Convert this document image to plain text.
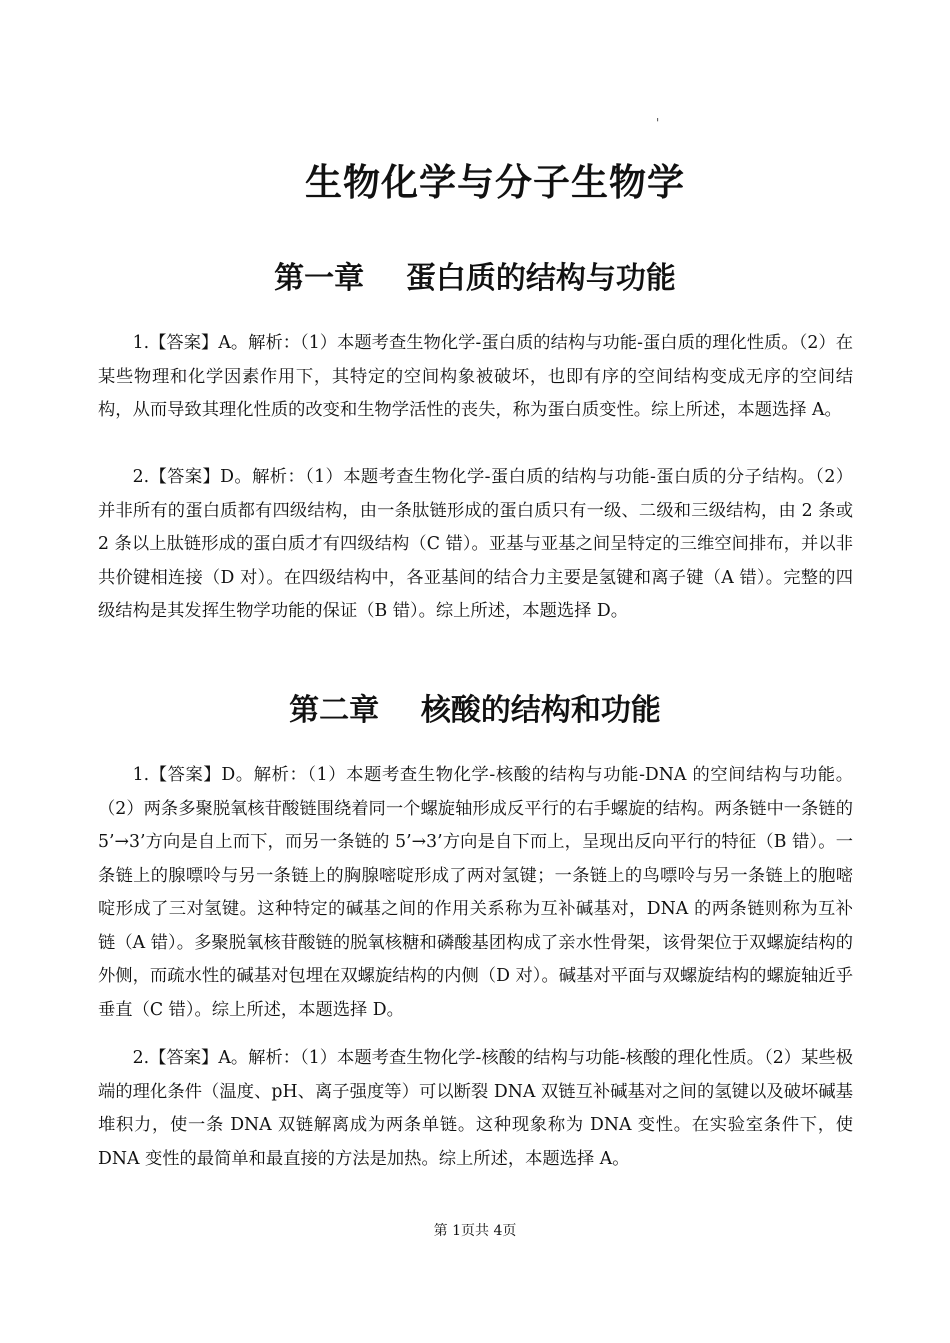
'
生物化学与分子生物学
第一章    蛋白质的结构与功能

1.【答案】A。解析：（1）本题考查生物化学-蛋白质的结构与功能-蛋白质的理化性质。（2）在某些物理和化学因素作用下，其特定的空间构象被破坏，也即有序的空间结构变成无序的空间结构，从而导致其理化性质的改变和生物学活性的丧失，称为蛋白质变性。综上所述，本题选择 A。

2.【答案】D。解析：（1）本题考查生物化学-蛋白质的结构与功能-蛋白质的分子结构。（2）并非所有的蛋白质都有四级结构，由一条肽链形成的蛋白质只有一级、二级和三级结构，由 2 条或 2 条以上肽链形成的蛋白质才有四级结构（C 错）。亚基与亚基之间呈特定的三维空间排布，并以非共价键相连接（D 对）。在四级结构中，各亚基间的结合力主要是氢键和离子键（A 错）。完整的四级结构是其发挥生物学功能的保证（B 错）。综上所述，本题选择 D。

第二章    核酸的结构和功能

1.【答案】D。解析：（1）本题考查生物化学-核酸的结构与功能-DNA 的空间结构与功能。（2）两条多聚脱氧核苷酸链围绕着同一个螺旋轴形成反平行的右手螺旋的结构。两条链中一条链的 5’→3’方向是自上而下，而另一条链的 5’→3’方向是自下而上，呈现出反向平行的特征（B 错）。一条链上的腺嘌呤与另一条链上的胸腺嘧啶形成了两对氢键；一条链上的鸟嘌呤与另一条链上的胞嘧啶形成了三对氢键。这种特定的碱基之间的作用关系称为互补碱基对，DNA 的两条链则称为互补链（A 错）。多聚脱氧核苷酸链的脱氧核糖和磷酸基团构成了亲水性骨架，该骨架位于双螺旋结构的外侧，而疏水性的碱基对包埋在双螺旋结构的内侧（D 对）。碱基对平面与双螺旋结构的螺旋轴近乎垂直（C 错）。综上所述，本题选择 D。

2.【答案】A。解析：（1）本题考查生物化学-核酸的结构与功能-核酸的理化性质。（2）某些极端的理化条件（温度、pH、离子强度等）可以断裂 DNA 双链互补碱基对之间的氢键以及破坏碱基堆积力，使一条 DNA 双链解离成为两条单链。这种现象称为 DNA 变性。在实验室条件下，使 DNA 变性的最简单和最直接的方法是加热。综上所述，本题选择 A。

第 1页共 4页
